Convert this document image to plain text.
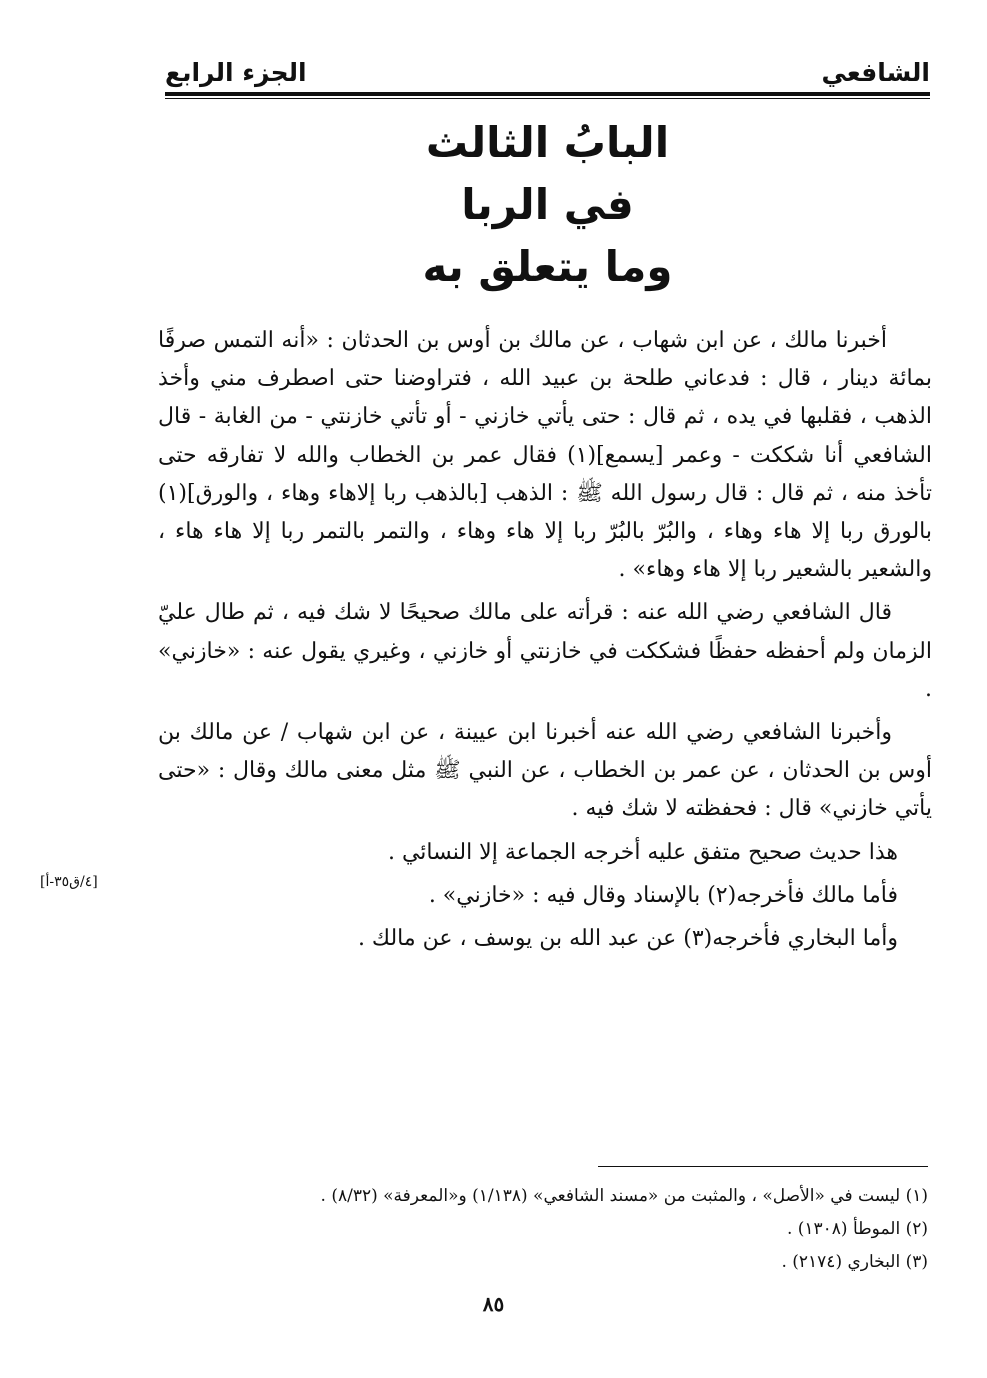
الشافعي
الجزء الرابع
البابُ الثالث
في الربا
وما يتعلق به

أخبرنا مالك ، عن ابن شهاب ، عن مالك بن أوس بن الحدثان : «أنه التمس صرفًا بمائة دينار ، قال : فدعاني طلحة بن عبيد الله ، فتراوضنا حتى اصطرف مني وأخذ الذهب ، فقلبها في يده ، ثم قال : حتى يأتي خازني - أو تأتي خازنتي - من الغابة - قال الشافعي أنا شككت - وعمر [يسمع](١) فقال عمر بن الخطاب والله لا تفارقه حتى تأخذ منه ، ثم قال : قال رسول الله ﷺ : الذهب [بالذهب ربا إلاهاء وهاء ، والورق](١) بالورق ربا إلا هاء وهاء ، والبُرّ بالبُرّ ربا إلا هاء وهاء ، والتمر بالتمر ربا إلا هاء هاء ، والشعير بالشعير ربا إلا هاء وهاء» .

قال الشافعي رضي الله عنه : قرأته على مالك صحيحًا لا شك فيه ، ثم طال عليّ الزمان ولم أحفظه حفظًا فشككت في خازنتي أو خازني ، وغيري يقول عنه : «خازني» .

وأخبرنا الشافعي رضي الله عنه أخبرنا ابن عيينة ، عن ابن شهاب / عن مالك بن أوس بن الحدثان ، عن عمر بن الخطاب ، عن النبي ﷺ مثل معنى مالك وقال : «حتى يأتي خازني» قال : فحفظته لا شك فيه .

هذا حديث صحيح متفق عليه أخرجه الجماعة إلا النسائي .

فأما مالك فأخرجه(٢) بالإسناد وقال فيه : «خازني» .

وأما البخاري فأخرجه(٣) عن عبد الله بن يوسف ، عن مالك .

[٤/ق٣٥-أ]

(١) ليست في «الأصل» ، والمثبت من «مسند الشافعي» (١/١٣٨) و«المعرفة» (٨/٣٢) .

(٢) الموطأ (١٣٠٨) .

(٣) البخاري (٢١٧٤) .

٨٥
